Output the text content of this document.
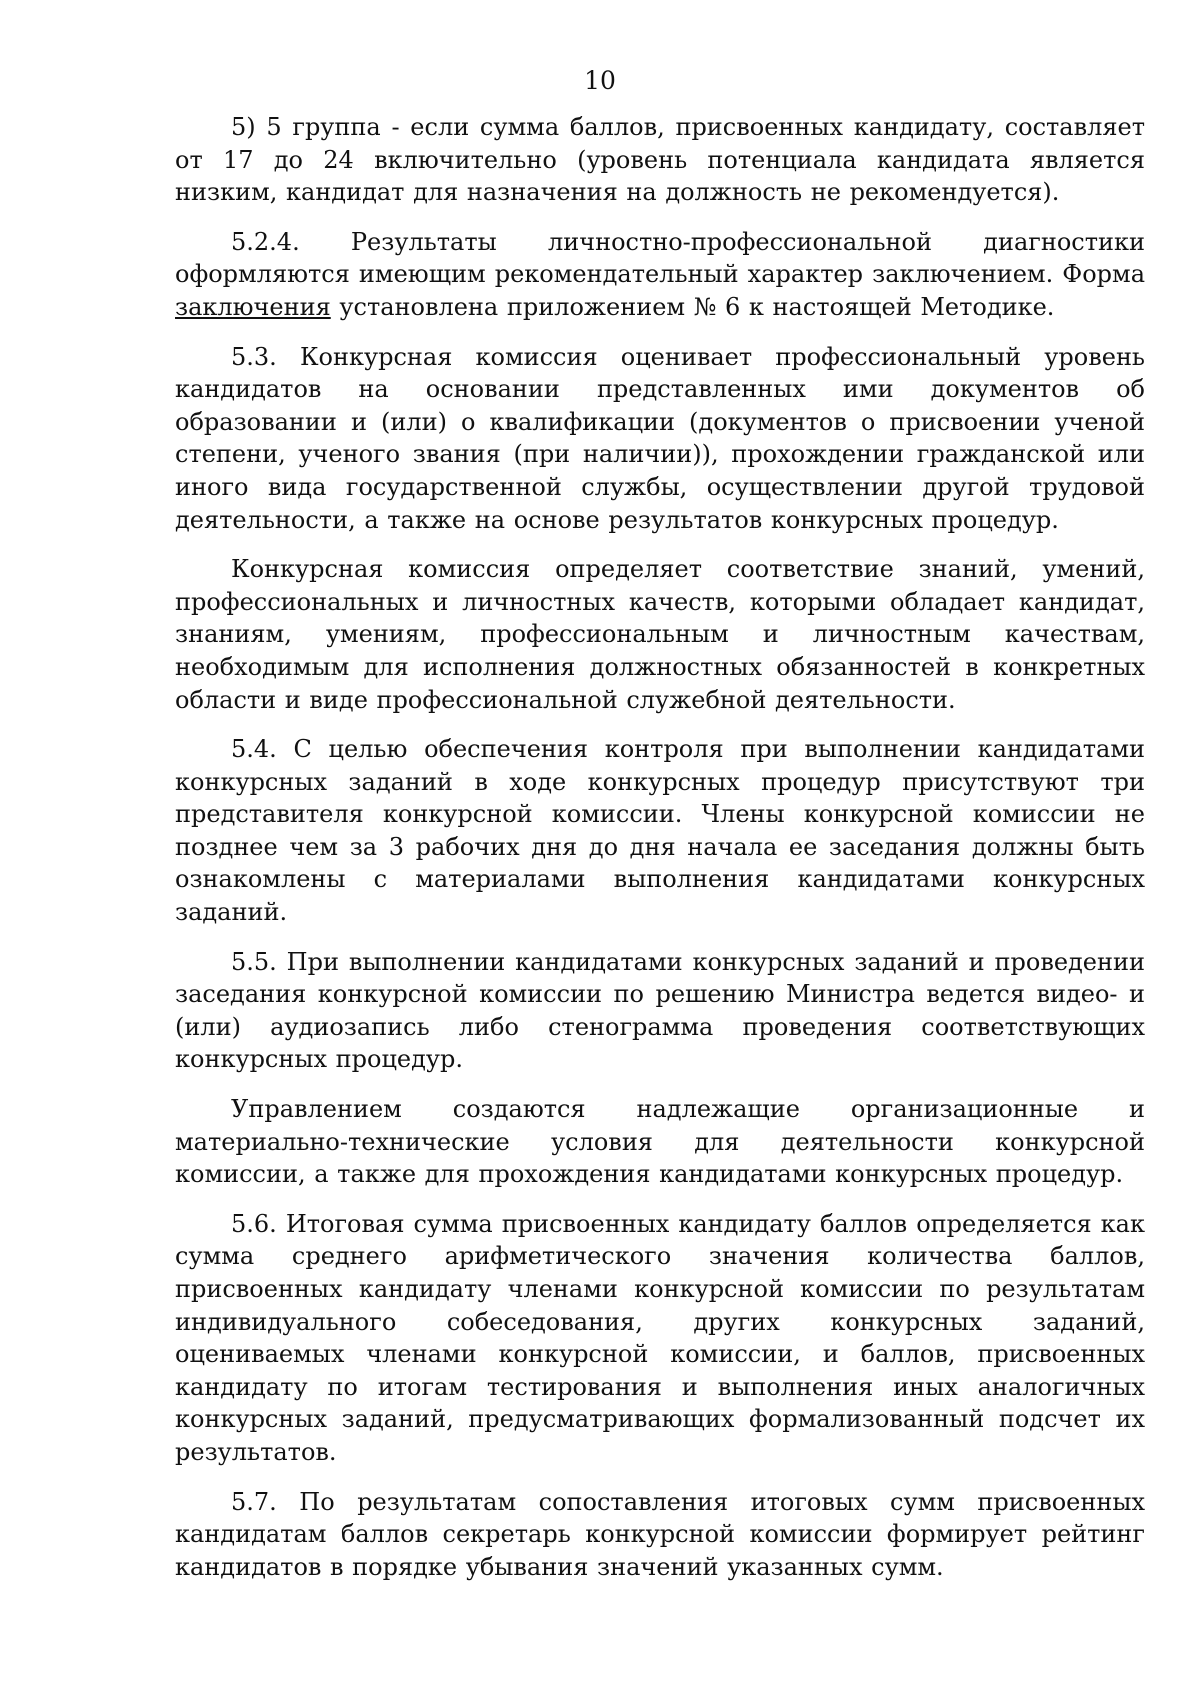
10

5) 5 группа - если сумма баллов, присвоенных кандидату, составляет от 17 до 24 включительно (уровень потенциала кандидата является низким, кандидат для назначения на должность не рекомендуется).

5.2.4. Результаты личностно-профессиональной диагностики оформляются имеющим рекомендательный характер заключением. Форма заключения установлена приложением № 6 к настоящей Методике.

5.3. Конкурсная комиссия оценивает профессиональный уровень кандидатов на основании представленных ими документов об образовании и (или) о квалификации (документов о присвоении ученой степени, ученого звания (при наличии)), прохождении гражданской или иного вида государственной службы, осуществлении другой трудовой деятельности, а также на основе результатов конкурсных процедур.

Конкурсная комиссия определяет соответствие знаний, умений, профессиональных и личностных качеств, которыми обладает кандидат, знаниям, умениям, профессиональным и личностным качествам, необходимым для исполнения должностных обязанностей в конкретных области и виде профессиональной служебной деятельности.

5.4. С целью обеспечения контроля при выполнении кандидатами конкурсных заданий в ходе конкурсных процедур присутствуют три представителя конкурсной комиссии. Члены конкурсной комиссии не позднее чем за 3 рабочих дня до дня начала ее заседания должны быть ознакомлены с материалами выполнения кандидатами конкурсных заданий.

5.5. При выполнении кандидатами конкурсных заданий и проведении заседания конкурсной комиссии по решению Министра ведется видео- и (или) аудиозапись либо стенограмма проведения соответствующих конкурсных процедур.

Управлением создаются надлежащие организационные и материально-технические условия для деятельности конкурсной комиссии, а также для прохождения кандидатами конкурсных процедур.

5.6. Итоговая сумма присвоенных кандидату баллов определяется как сумма среднего арифметического значения количества баллов, присвоенных кандидату членами конкурсной комиссии по результатам индивидуального собеседования, других конкурсных заданий, оцениваемых членами конкурсной комиссии, и баллов, присвоенных кандидату по итогам тестирования и выполнения иных аналогичных конкурсных заданий, предусматривающих формализованный подсчет их результатов.

5.7. По результатам сопоставления итоговых сумм присвоенных кандидатам баллов секретарь конкурсной комиссии формирует рейтинг кандидатов в порядке убывания значений указанных сумм.
